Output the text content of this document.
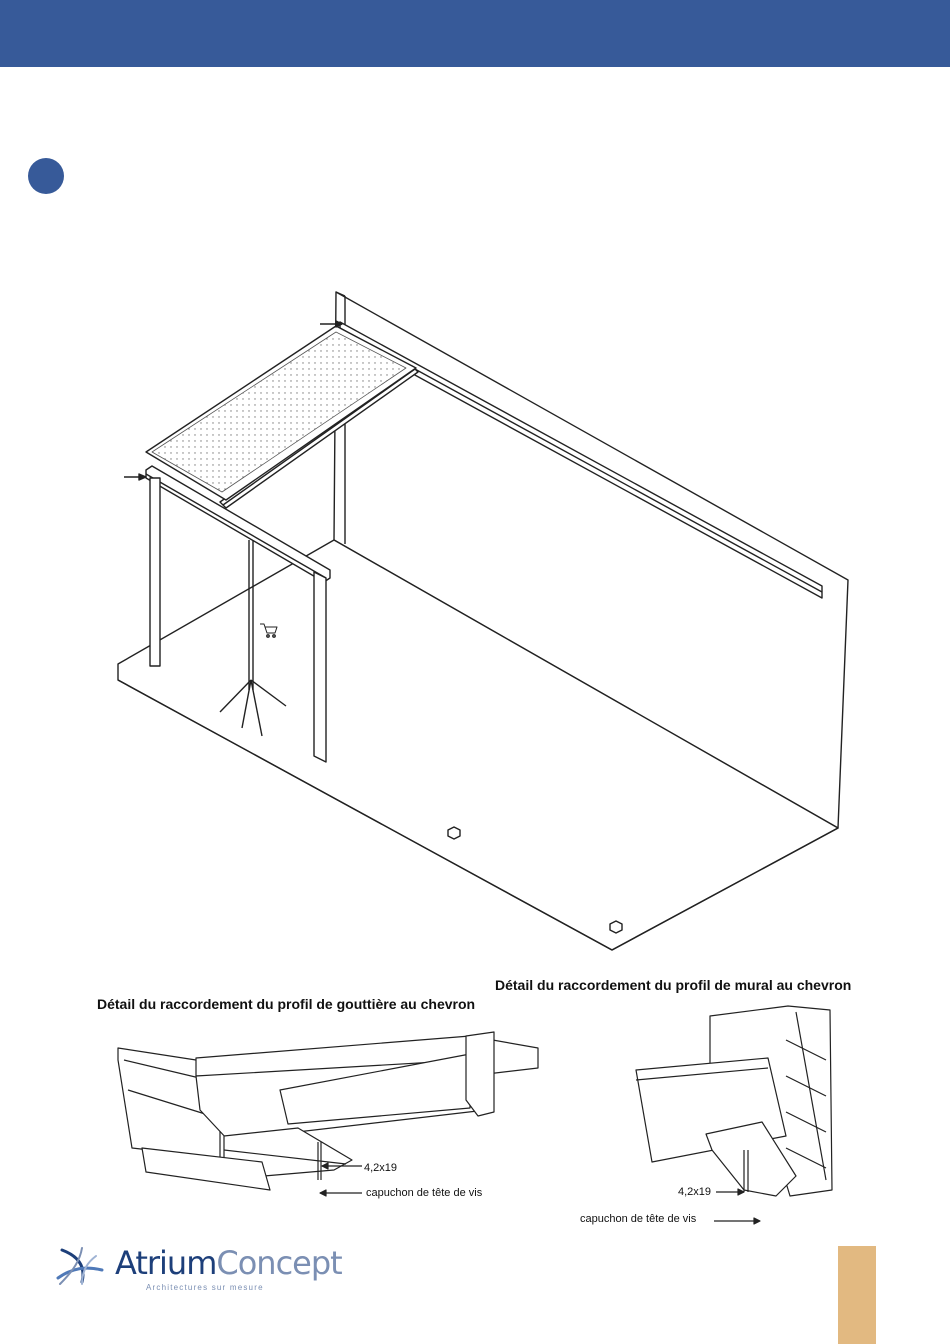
Détail du raccordement du profil de gouttière au chevron
Détail du raccordement du profil de mural au chevron
4,2x19
capuchon de tête de vis	4,2x19
capuchon de tête de vis
AtriumConcept
Architectures sur mesure
